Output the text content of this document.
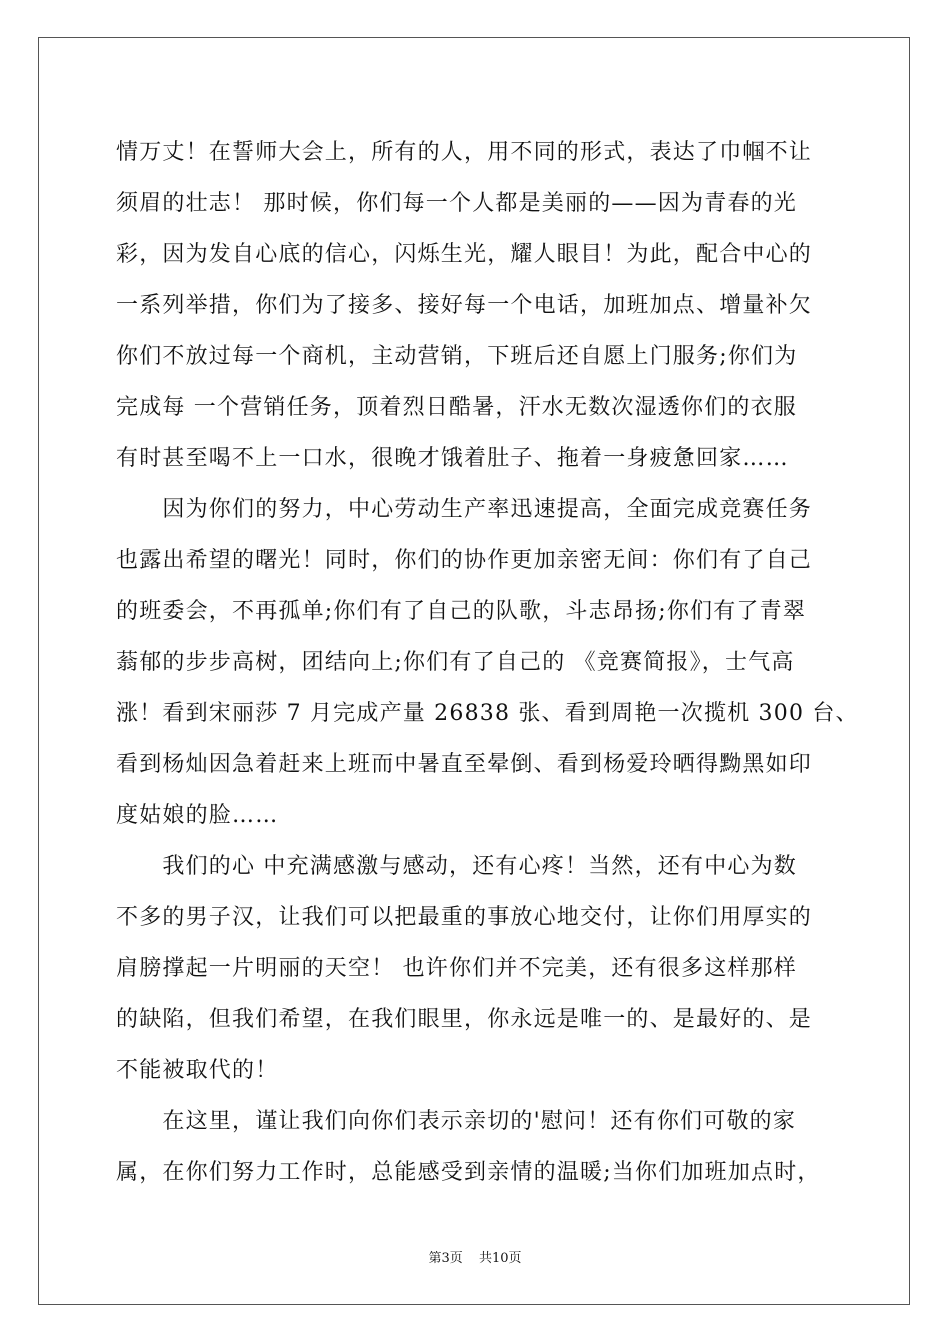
情万丈！在誓师大会上，所有的人，用不同的形式，表达了巾帼不让
须眉的壮志！ 那时候，你们每一个人都是美丽的——因为青春的光
彩，因为发自心底的信心，闪烁生光，耀人眼目！为此，配合中心的
一系列举措，你们为了接多、接好每一个电话，加班加点、增量补欠
你们不放过每一个商机，主动营销，下班后还自愿上门服务;你们为
完成每 一个营销任务，顶着烈日酷暑，汗水无数次湿透你们的衣服
有时甚至喝不上一口水，很晚才饿着肚子、拖着一身疲惫回家……
　　因为你们的努力，中心劳动生产率迅速提高，全面完成竞赛任务
也露出希望的曙光！同时，你们的协作更加亲密无间：你们有了自己
的班委会，不再孤单;你们有了自己的队歌，斗志昂扬;你们有了青翠
蓊郁的步步高树，团结向上;你们有了自己的 《竞赛简报》，士气高
涨！看到宋丽莎 7 月完成产量 26838 张、看到周艳一次揽机 300 台、
看到杨灿因急着赶来上班而中暑直至晕倒、看到杨爱玲晒得黝黑如印
度姑娘的脸……
　　我们的心 中充满感激与感动，还有心疼！当然，还有中心为数
不多的男子汉，让我们可以把最重的事放心地交付，让你们用厚实的
肩膀撑起一片明丽的天空！ 也许你们并不完美，还有很多这样那样
的缺陷，但我们希望，在我们眼里，你永远是唯一的、是最好的、是
不能被取代的！
　　在这里，谨让我们向你们表示亲切的'慰问！还有你们可敬的家
属，在你们努力工作时，总能感受到亲情的温暖;当你们加班加点时，
第3页 共10页
